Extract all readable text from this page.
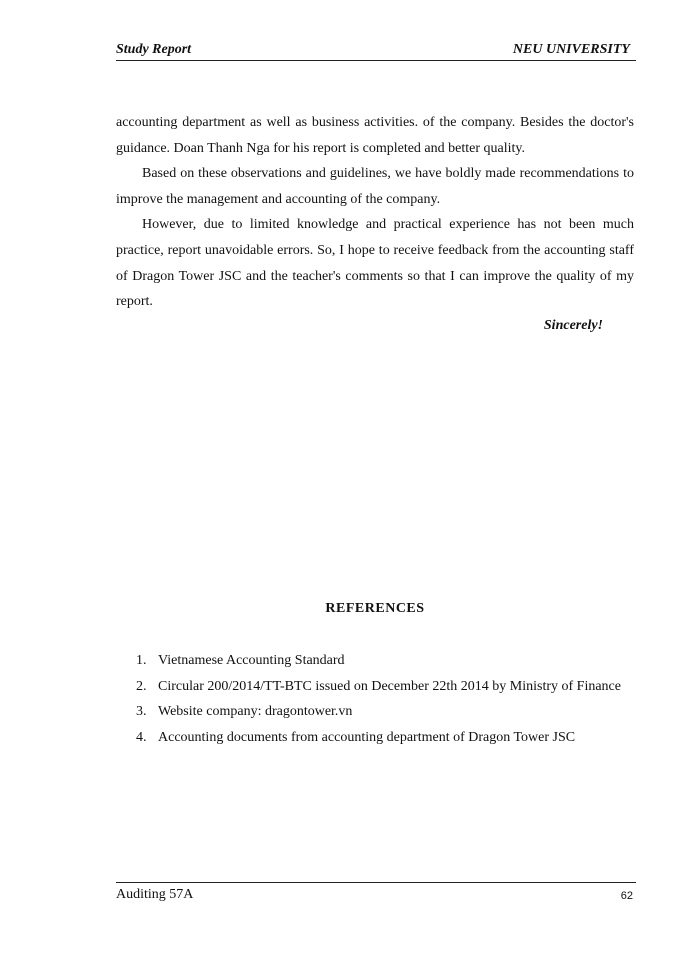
Study Report	NEU UNIVERSITY

accounting department as well as business activities. of the company. Besides the doctor's guidance. Doan Thanh Nga for his report is completed and better quality.

Based on these observations and guidelines, we have boldly made recommendations to improve the management and accounting of the company.

However, due to limited knowledge and practical experience has not been much practice, report unavoidable errors. So, I hope to receive feedback from the accounting staff of Dragon Tower JSC and the teacher's comments so that I can improve the quality of my report.

Sincerely!
REFERENCES
1. Vietnamese Accounting Standard
2. Circular 200/2014/TT-BTC issued on December 22th 2014 by Ministry of Finance
3. Website company: dragontower.vn
4. Accounting documents from accounting department of Dragon Tower JSC
Auditing 57A	62
